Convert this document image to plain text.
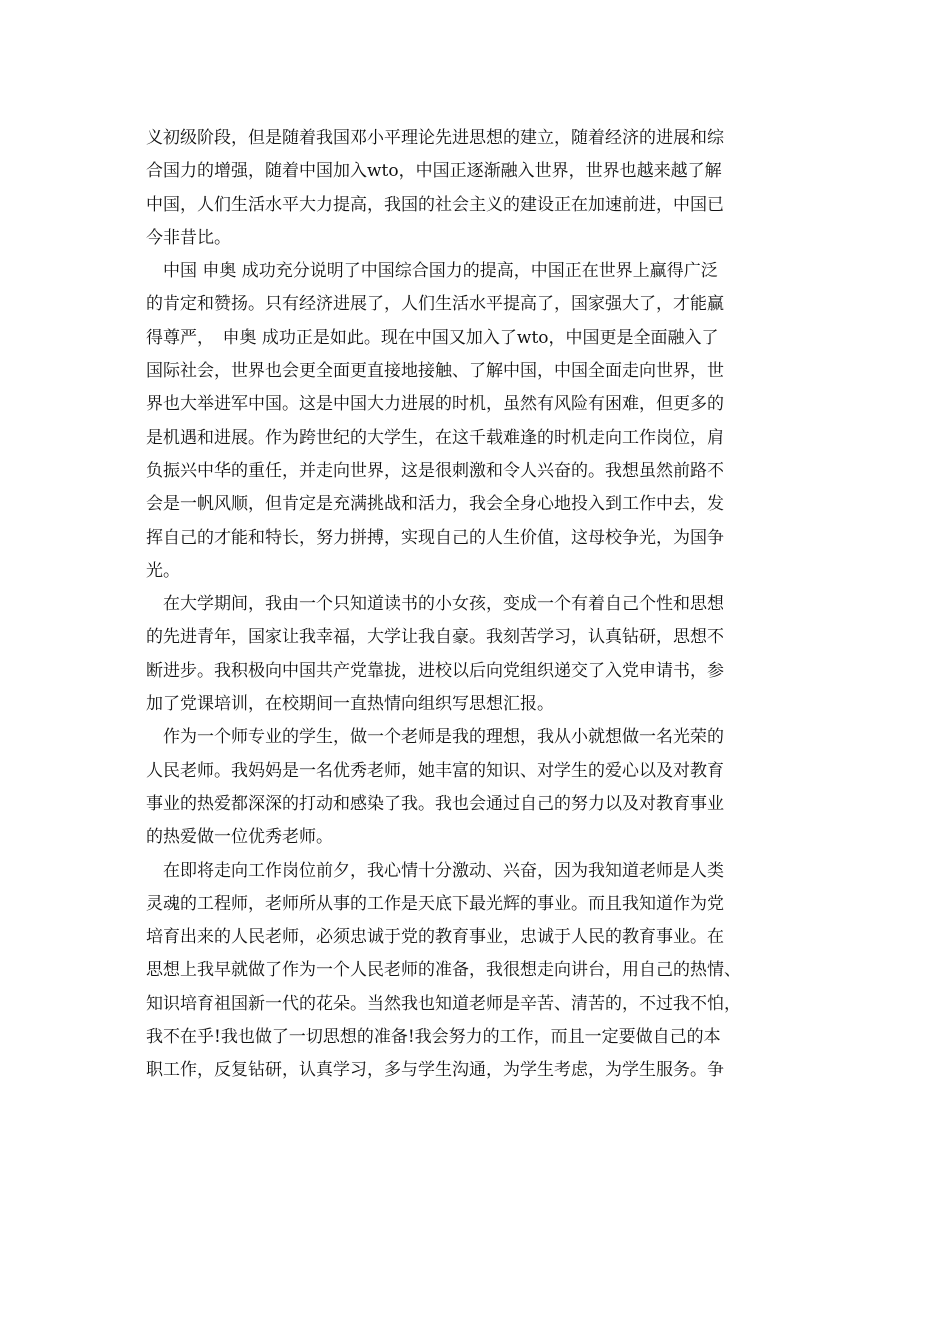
义初级阶段，但是随着我国邓小平理论先进思想的建立，随着经济的进展和综
合国力的增强，随着中国加入wto，中国正逐渐融入世界，世界也越来越了解
中国，人们生活水平大力提高，我国的社会主义的建设正在加速前进，中国已
今非昔比。
　中国 申奥 成功充分说明了中国综合国力的提高，中国正在世界上赢得广泛
的肯定和赞扬。只有经济进展了，人们生活水平提高了，国家强大了，才能赢
得尊严，　申奥 成功正是如此。现在中国又加入了wto，中国更是全面融入了
国际社会，世界也会更全面更直接地接触、了解中国，中国全面走向世界，世
界也大举进军中国。这是中国大力进展的时机，虽然有风险有困难，但更多的
是机遇和进展。作为跨世纪的大学生，在这千载难逢的时机走向工作岗位，肩
负振兴中华的重任，并走向世界，这是很刺激和令人兴奋的。我想虽然前路不
会是一帆风顺，但肯定是充满挑战和活力，我会全身心地投入到工作中去，发
挥自己的才能和特长，努力拼搏，实现自己的人生价值，这母校争光，为国争
光。
　在大学期间，我由一个只知道读书的小女孩，变成一个有着自己个性和思想
的先进青年，国家让我幸福，大学让我自豪。我刻苦学习，认真钻研，思想不
断进步。我积极向中国共产党靠拢，进校以后向党组织递交了入党申请书，参
加了党课培训，在校期间一直热情向组织写思想汇报。
　作为一个师专业的学生，做一个老师是我的理想，我从小就想做一名光荣的
人民老师。我妈妈是一名优秀老师，她丰富的知识、对学生的爱心以及对教育
事业的热爱都深深的打动和感染了我。我也会通过自己的努力以及对教育事业
的热爱做一位优秀老师。
　在即将走向工作岗位前夕，我心情十分激动、兴奋，因为我知道老师是人类
灵魂的工程师，老师所从事的工作是天底下最光辉的事业。而且我知道作为党
培育出来的人民老师，必须忠诚于党的教育事业，忠诚于人民的教育事业。在
思想上我早就做了作为一个人民老师的准备，我很想走向讲台，用自己的热情、
知识培育祖国新一代的花朵。当然我也知道老师是辛苦、清苦的，不过我不怕，
我不在乎!我也做了一切思想的准备!我会努力的工作，而且一定要做自己的本
职工作，反复钻研，认真学习，多与学生沟通，为学生考虑，为学生服务。争
